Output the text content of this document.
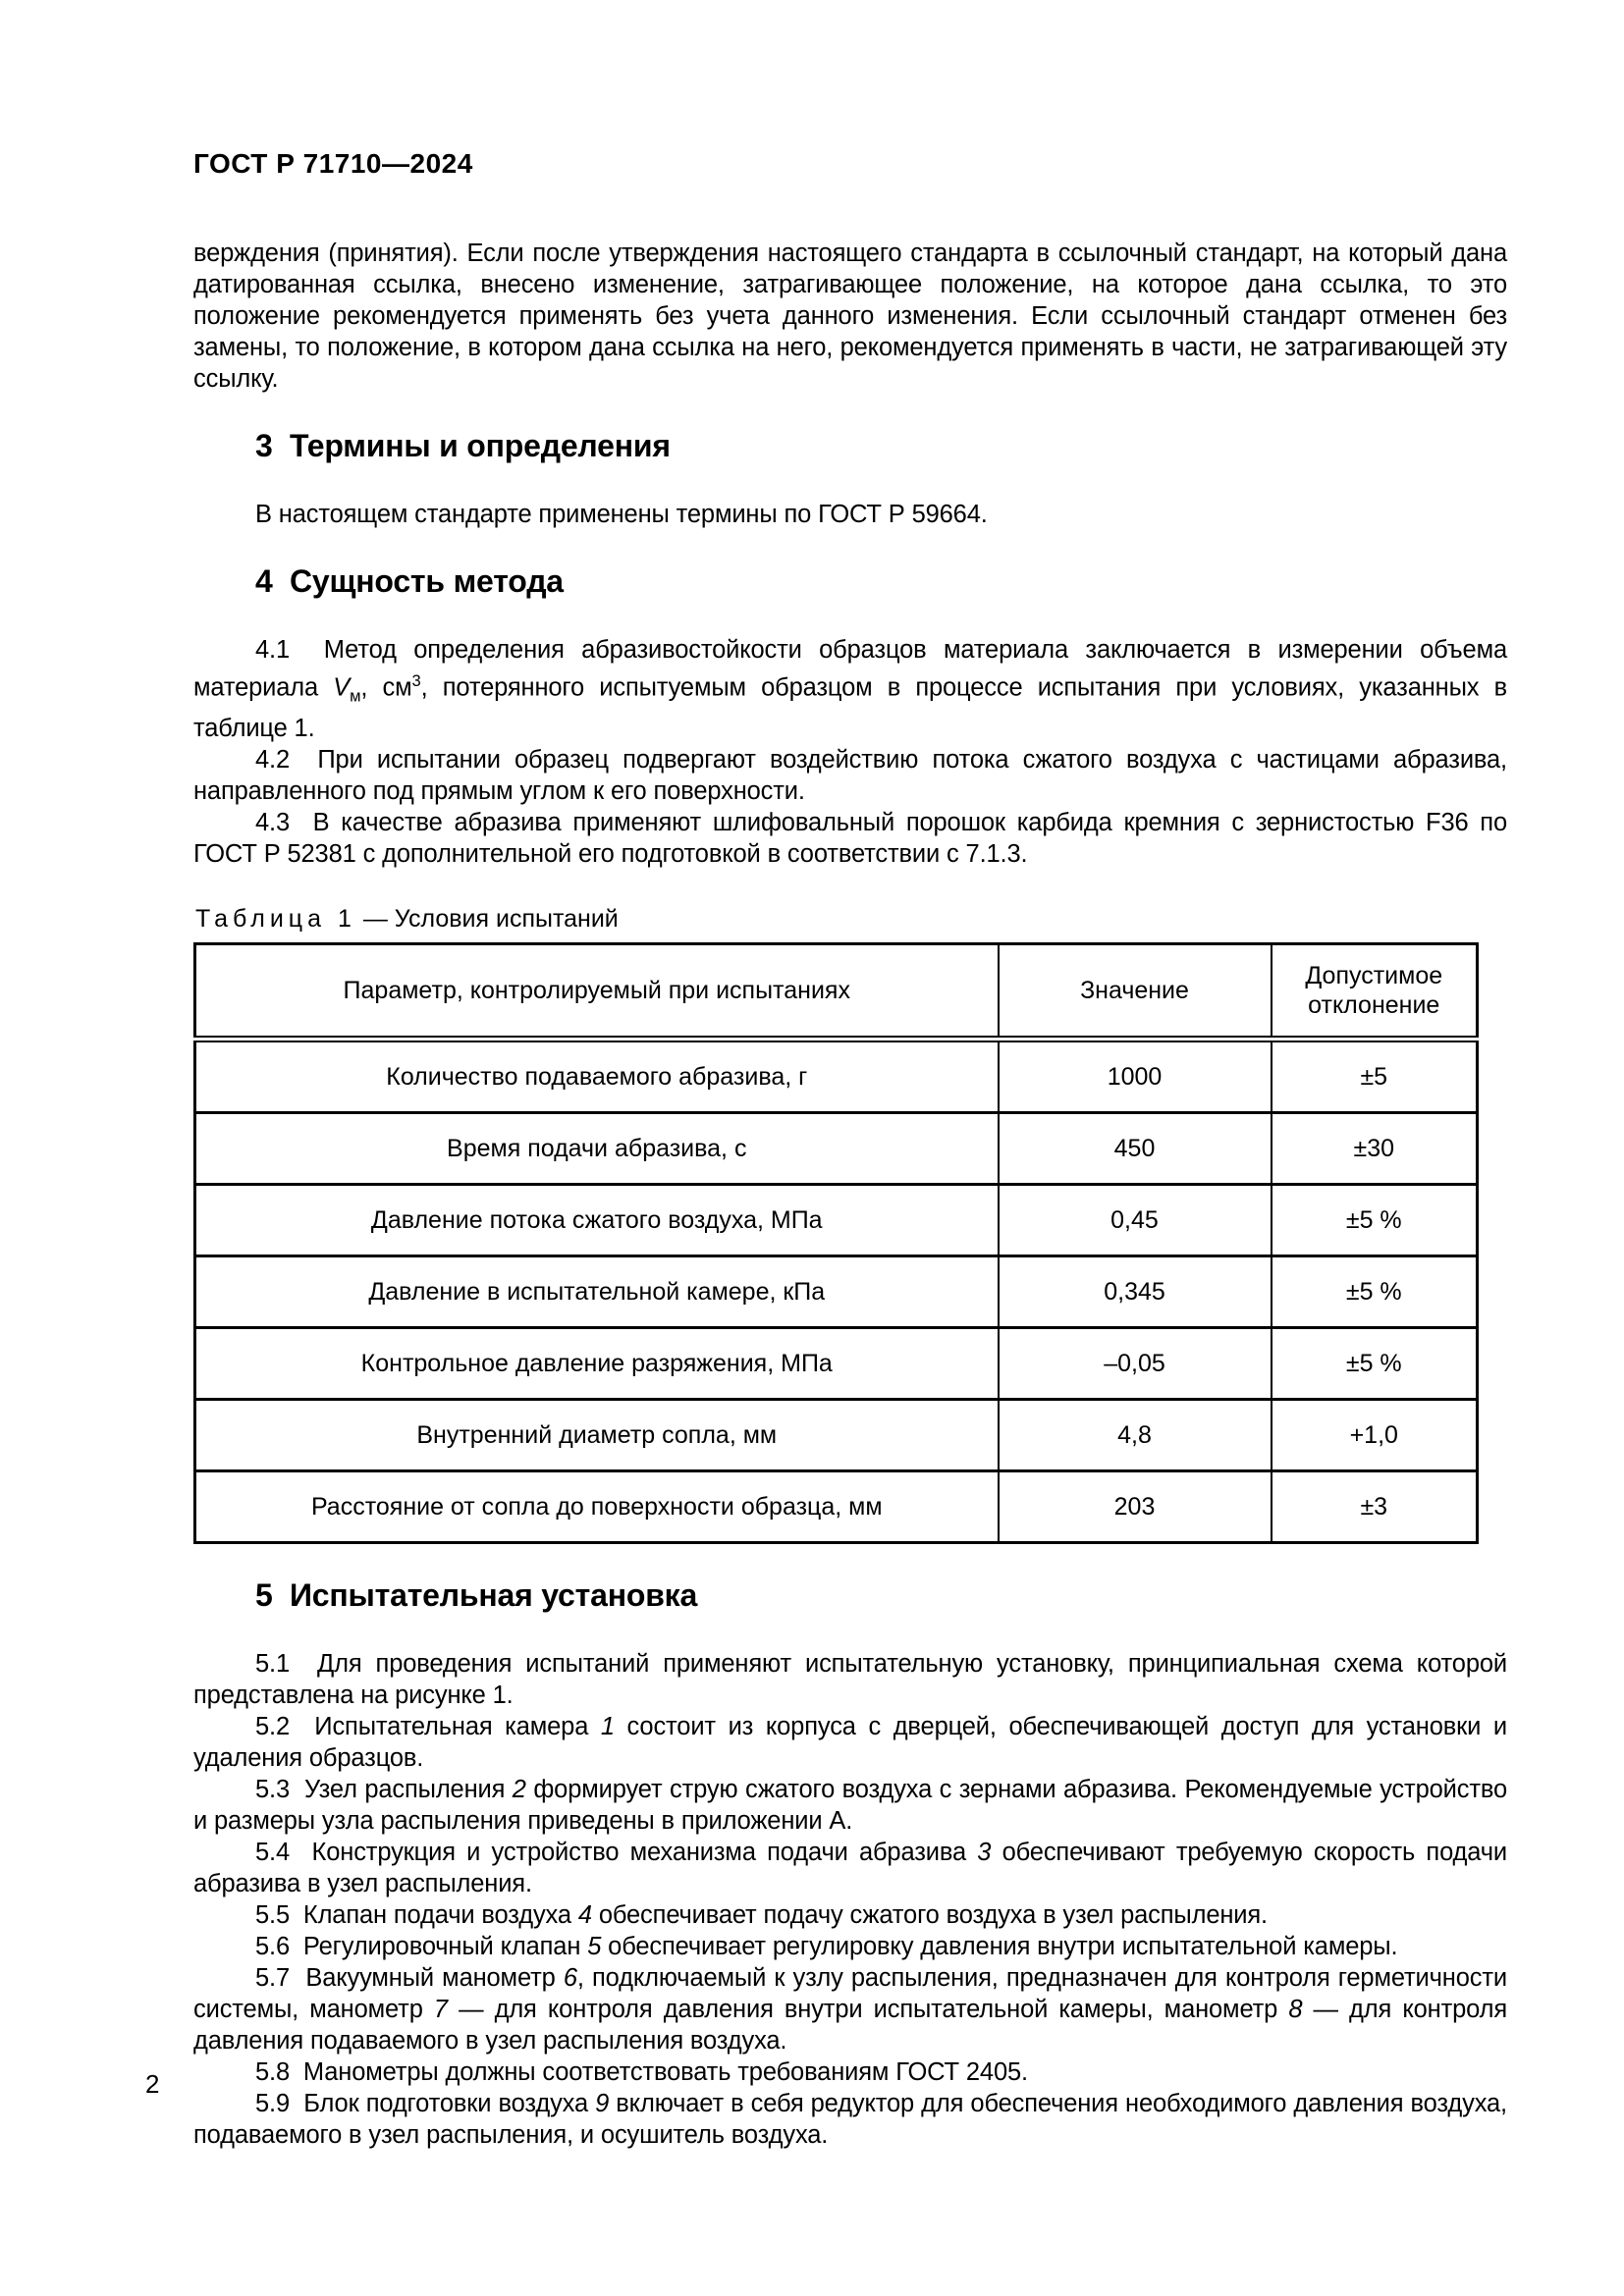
ГОСТ Р 71710—2024

верждения (принятия). Если после утверждения настоящего стандарта в ссылочный стандарт, на который дана датированная ссылка, внесено изменение, затрагивающее положение, на которое дана ссылка, то это положение рекомендуется применять без учета данного изменения. Если ссылочный стандарт отменен без замены, то положение, в котором дана ссылка на него, рекомендуется применять в части, не затрагивающей эту ссылку.

3  Термины и определения

В настоящем стандарте применены термины по ГОСТ Р 59664.

4  Сущность метода

4.1  Метод определения абразивостойкости образцов материала заключается в измерении объема материала $V_м$, $см^3$, потерянного испытуемым образцом в процессе испытания при условиях, указанных в таблице 1.

4.2  При испытании образец подвергают воздействию потока сжатого воздуха с частицами абразива, направленного под прямым углом к его поверхности.

4.3  В качестве абразива применяют шлифовальный порошок карбида кремния с зернистостью F36 по ГОСТ Р 52381 с дополнительной его подготовкой в соответствии с 7.1.3.

Таблица 1 — Условия испытаний
Параметр, контролируемый при испытаниях	Значение	Допустимое отклонение
Количество подаваемого абразива, г	1000	±5
Время подачи абразива, с	450	±30
Давление потока сжатого воздуха, МПа	0,45	±5 %
Давление в испытательной камере, кПа	0,345	±5 %
Контрольное давление разряжения, МПа	–0,05	±5 %
Внутренний диаметр сопла, мм	4,8	+1,0
Расстояние от сопла до поверхности образца, мм	203	±3
5  Испытательная установка

5.1  Для проведения испытаний применяют испытательную установку, принципиальная схема которой представлена на рисунке 1.

5.2  Испытательная камера 1 состоит из корпуса с дверцей, обеспечивающей доступ для установки и удаления образцов.

5.3  Узел распыления 2 формирует струю сжатого воздуха с зернами абразива. Рекомендуемые устройство и размеры узла распыления приведены в приложении А.

5.4  Конструкция и устройство механизма подачи абразива 3 обеспечивают требуемую скорость подачи абразива в узел распыления.

5.5  Клапан подачи воздуха 4 обеспечивает подачу сжатого воздуха в узел распыления.

5.6  Регулировочный клапан 5 обеспечивает регулировку давления внутри испытательной камеры.

5.7  Вакуумный манометр 6, подключаемый к узлу распыления, предназначен для контроля герметичности системы, манометр 7 — для контроля давления внутри испытательной камеры, манометр 8 — для контроля давления подаваемого в узел распыления воздуха.

5.8  Манометры должны соответствовать требованиям ГОСТ 2405.

5.9  Блок подготовки воздуха 9 включает в себя редуктор для обеспечения необходимого давления воздуха, подаваемого в узел распыления, и осушитель воздуха.

2
